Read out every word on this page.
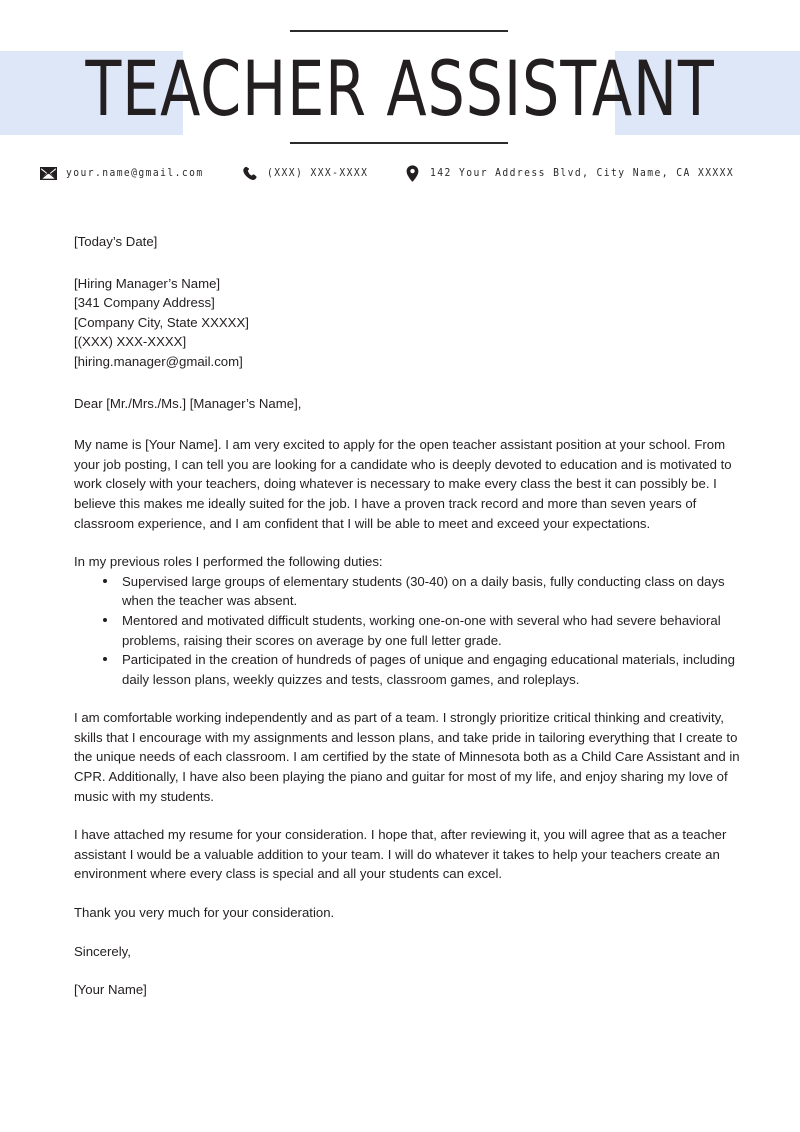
TEACHER ASSISTANT
your.name@gmail.com	(XXX) XXX-XXXX	142 Your Address Blvd, City Name, CA XXXXX

[Today’s Date]

[Hiring Manager’s Name]

[341 Company Address]

[Company City, State XXXXX]

[(XXX) XXX-XXXX]

[hiring.manager@gmail.com]

Dear [Mr./Mrs./Ms.] [Manager’s Name],

My name is [Your Name]. I am very excited to apply for the open teacher assistant position at your school. From your job posting, I can tell you are looking for a candidate who is deeply devoted to education and is motivated to work closely with your teachers, doing whatever is necessary to make every class the best it can possibly be. I believe this makes me ideally suited for the job. I have a proven track record and more than seven years of classroom experience, and I am confident that I will be able to meet and exceed your expectations.

In my previous roles I performed the following duties:

Supervised large groups of elementary students (30-40) on a daily basis, fully conducting class on days when the teacher was absent.
Mentored and motivated difficult students, working one-on-one with several who had severe behavioral problems, raising their scores on average by one full letter grade.
Participated in the creation of hundreds of pages of unique and engaging educational materials, including daily lesson plans, weekly quizzes and tests, classroom games, and roleplays.

I am comfortable working independently and as part of a team. I strongly prioritize critical thinking and creativity, skills that I encourage with my assignments and lesson plans, and take pride in tailoring everything that I create to the unique needs of each classroom. I am certified by the state of Minnesota both as a Child Care Assistant and in CPR. Additionally, I have also been playing the piano and guitar for most of my life, and enjoy sharing my love of music with my students.

I have attached my resume for your consideration. I hope that, after reviewing it, you will agree that as a teacher assistant I would be a valuable addition to your team. I will do whatever it takes to help your teachers create an environment where every class is special and all your students can excel.

Thank you very much for your consideration.

Sincerely,

[Your Name]
